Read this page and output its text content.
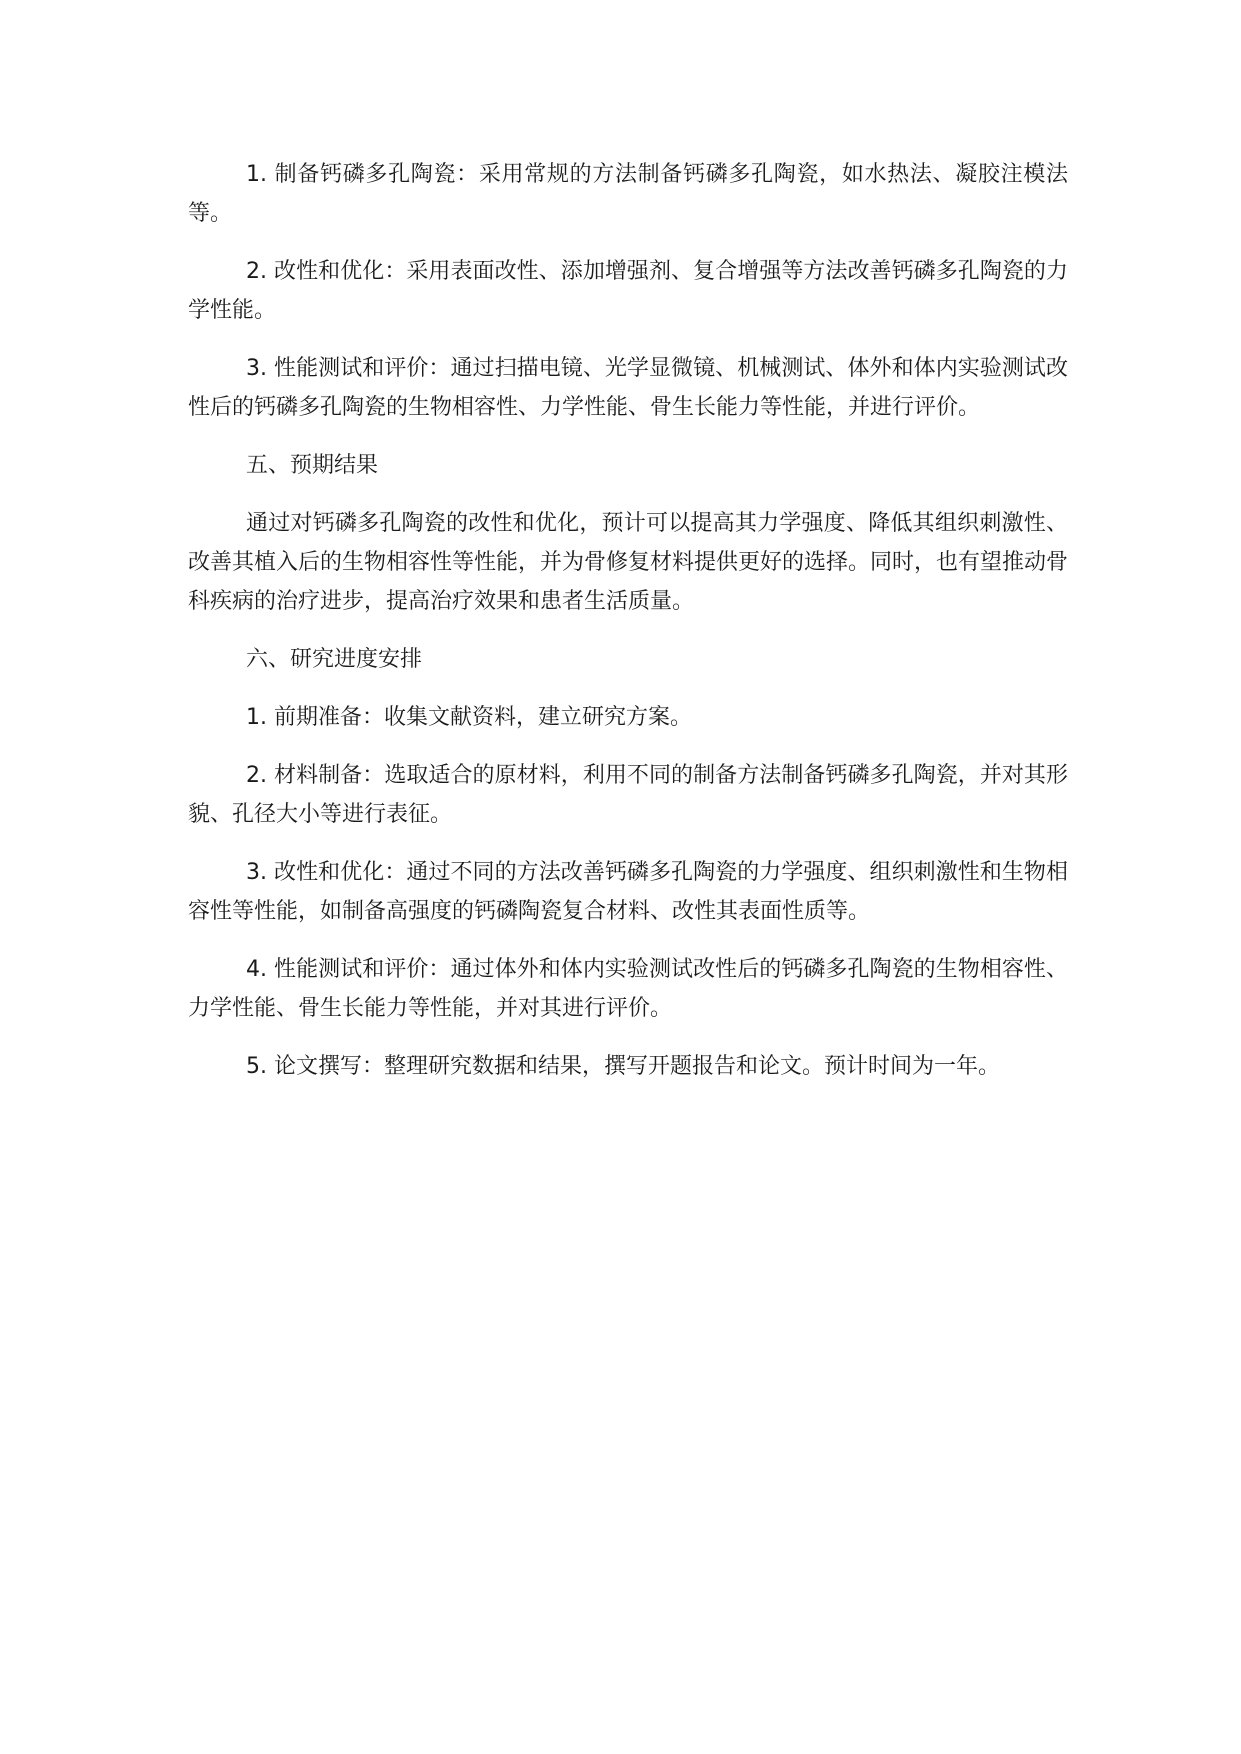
1. 制备钙磷多孔陶瓷：采用常规的方法制备钙磷多孔陶瓷，如水热法、凝胶注模法等。

2. 改性和优化：采用表面改性、添加增强剂、复合增强等方法改善钙磷多孔陶瓷的力学性能。

3. 性能测试和评价：通过扫描电镜、光学显微镜、机械测试、体外和体内实验测试改性后的钙磷多孔陶瓷的生物相容性、力学性能、骨生长能力等性能，并进行评价。

五、预期结果

通过对钙磷多孔陶瓷的改性和优化，预计可以提高其力学强度、降低其组织刺激性、改善其植入后的生物相容性等性能，并为骨修复材料提供更好的选择。同时，也有望推动骨科疾病的治疗进步，提高治疗效果和患者生活质量。

六、研究进度安排

1. 前期准备：收集文献资料，建立研究方案。

2. 材料制备：选取适合的原材料，利用不同的制备方法制备钙磷多孔陶瓷，并对其形貌、孔径大小等进行表征。

3. 改性和优化：通过不同的方法改善钙磷多孔陶瓷的力学强度、组织刺激性和生物相容性等性能，如制备高强度的钙磷陶瓷复合材料、改性其表面性质等。

4. 性能测试和评价：通过体外和体内实验测试改性后的钙磷多孔陶瓷的生物相容性、力学性能、骨生长能力等性能，并对其进行评价。

5. 论文撰写：整理研究数据和结果，撰写开题报告和论文。预计时间为一年。
